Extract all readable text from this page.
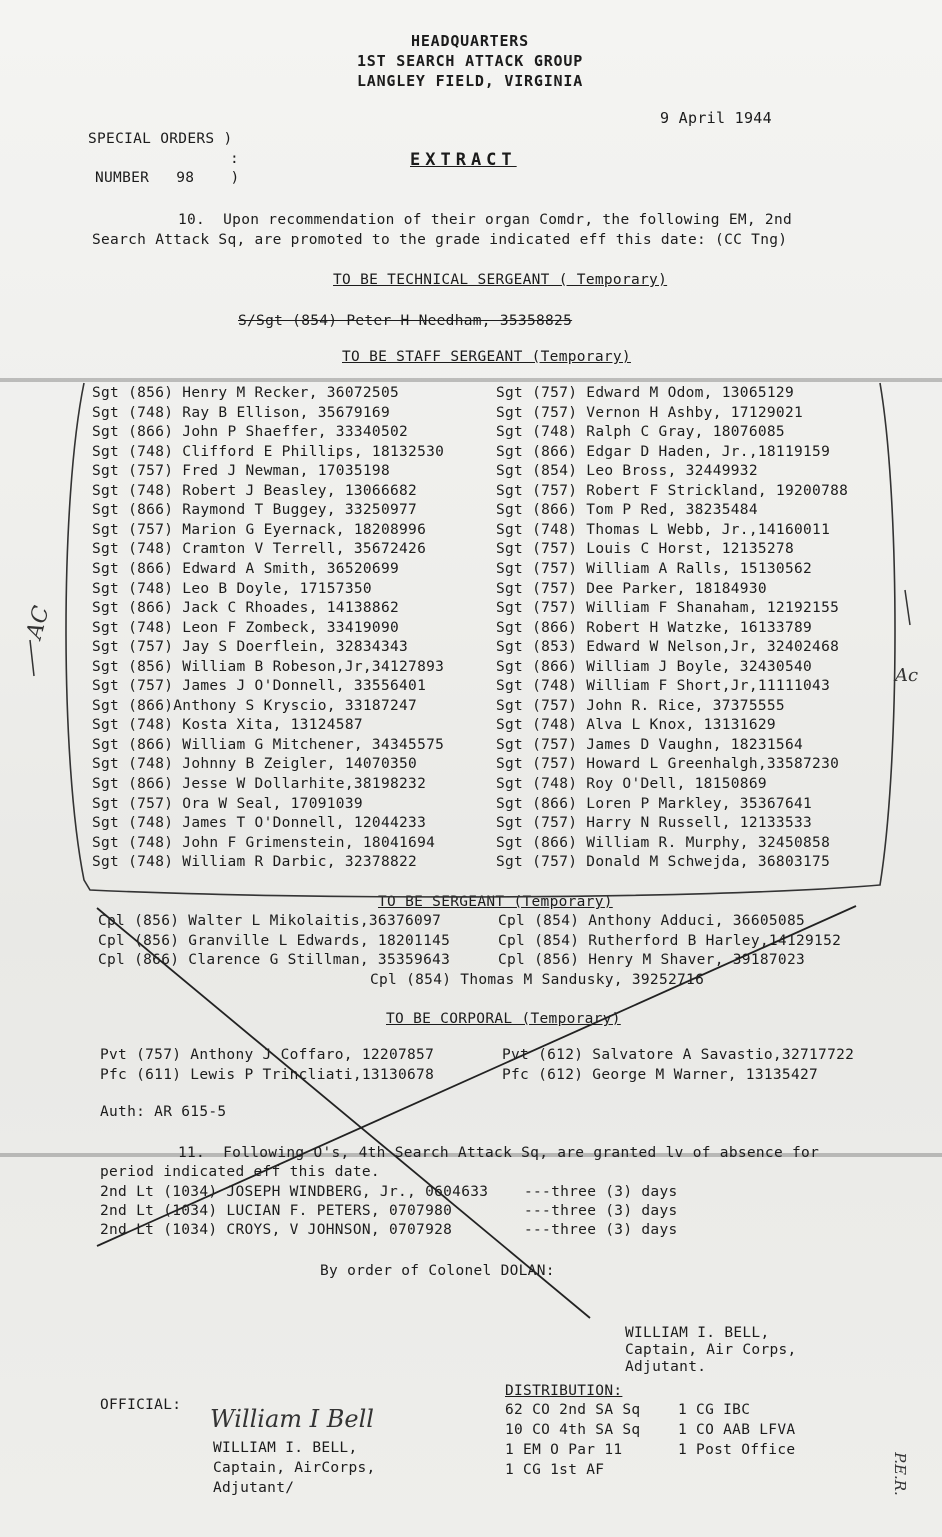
HEADQUARTERS
1ST SEARCH ATTACK GROUP
LANGLEY FIELD, VIRGINIA
9 April 1944
SPECIAL ORDERS )
:
NUMBER   98    )
EXTRACT
10.  Upon recommendation of their organ Comdr, the following EM, 2nd
Search Attack Sq, are promoted to the grade indicated eff this date: (CC Tng)
TO BE TECHNICAL SERGEANT ( Temporary)
S/Sgt (854) Peter H Needham, 35358825
TO BE STAFF SERGEANT (Temporary)
Sgt (856) Henry M Recker, 36072505
Sgt (748) Ray B Ellison, 35679169
Sgt (866) John P Shaeffer, 33340502
Sgt (748) Clifford E Phillips, 18132530
Sgt (757) Fred J Newman, 17035198
Sgt (748) Robert J Beasley, 13066682
Sgt (866) Raymond T Buggey, 33250977
Sgt (757) Marion G Eyernack, 18208996
Sgt (748) Cramton V Terrell, 35672426
Sgt (866) Edward A Smith, 36520699
Sgt (748) Leo B Doyle, 17157350
Sgt (866) Jack C Rhoades, 14138862
Sgt (748) Leon F Zombeck, 33419090
Sgt (757) Jay S Doerflein, 32834343
Sgt (856) William B Robeson,Jr,34127893
Sgt (757) James J O'Donnell, 33556401
Sgt (866)Anthony S Kryscio, 33187247
Sgt (748) Kosta Xita, 13124587
Sgt (866) William G Mitchener, 34345575
Sgt (748) Johnny B Zeigler, 14070350
Sgt (866) Jesse W Dollarhite,38198232
Sgt (757) Ora W Seal, 17091039
Sgt (748) James T O'Donnell, 12044233
Sgt (748) John F Grimenstein, 18041694
Sgt (748) William R Darbic, 32378822
Sgt (757) Edward M Odom, 13065129
Sgt (757) Vernon H Ashby, 17129021
Sgt (748) Ralph C Gray, 18076085
Sgt (866) Edgar D Haden, Jr.,18119159
Sgt (854) Leo Bross, 32449932
Sgt (757) Robert F Strickland, 19200788
Sgt (866) Tom P Red, 38235484
Sgt (748) Thomas L Webb, Jr.,14160011
Sgt (757) Louis C Horst, 12135278
Sgt (757) William A Ralls, 15130562
Sgt (757) Dee Parker, 18184930
Sgt (757) William F Shanaham, 12192155
Sgt (866) Robert H Watzke, 16133789
Sgt (853) Edward W Nelson,Jr, 32402468
Sgt (866) William J Boyle, 32430540
Sgt (748) William F Short,Jr,11111043
Sgt (757) John R. Rice, 37375555
Sgt (748) Alva L Knox, 13131629
Sgt (757) James D Vaughn, 18231564
Sgt (757) Howard L Greenhalgh,33587230
Sgt (748) Roy O'Dell, 18150869
Sgt (866) Loren P Markley, 35367641
Sgt (757) Harry N Russell, 12133533
Sgt (866) William R. Murphy, 32450858
Sgt (757) Donald M Schwejda, 36803175
TO BE SERGEANT (Temporary)
Cpl (856) Walter L Mikolaitis,36376097
Cpl (856) Granville L Edwards, 18201145
Cpl (866) Clarence G Stillman, 35359643
Cpl (854) Anthony Adduci, 36605085
Cpl (854) Rutherford B Harley,14129152
Cpl (856) Henry M Shaver, 39187023
Cpl (854) Thomas M Sandusky, 39252716
TO BE CORPORAL (Temporary)
Pvt (757) Anthony J Coffaro, 12207857
Pfc (611) Lewis P Trincliati,13130678
Pvt (612) Salvatore A Savastio,32717722
Pfc (612) George M Warner, 13135427
Auth: AR 615-5
11.  Following O's, 4th Search Attack Sq, are granted lv of absence for
period indicated eff this date.
2nd Lt (1034) JOSEPH WINDBERG, Jr., 0604633 ---three (3) days
2nd Lt (1034) LUCIAN F. PETERS, 0707980	---three (3) days
2nd Lt (1034) CROYS, V JOHNSON, 0707928	---three (3) days
By order of Colonel DOLAN:
WILLIAM I. BELL,
Captain, Air Corps,
Adjutant.
OFFICIAL: William I Bell
WILLIAM I. BELL,
Captain, AirCorps,
Adjutant/
DISTRIBUTION:
62 CO 2nd SA Sq
10 CO 4th SA Sq
1 EM O Par 11
1 CG 1st AF
1 CG IBC
1 CO AAB LFVA
1 Post Office
AC
Ac
P.E.R.
